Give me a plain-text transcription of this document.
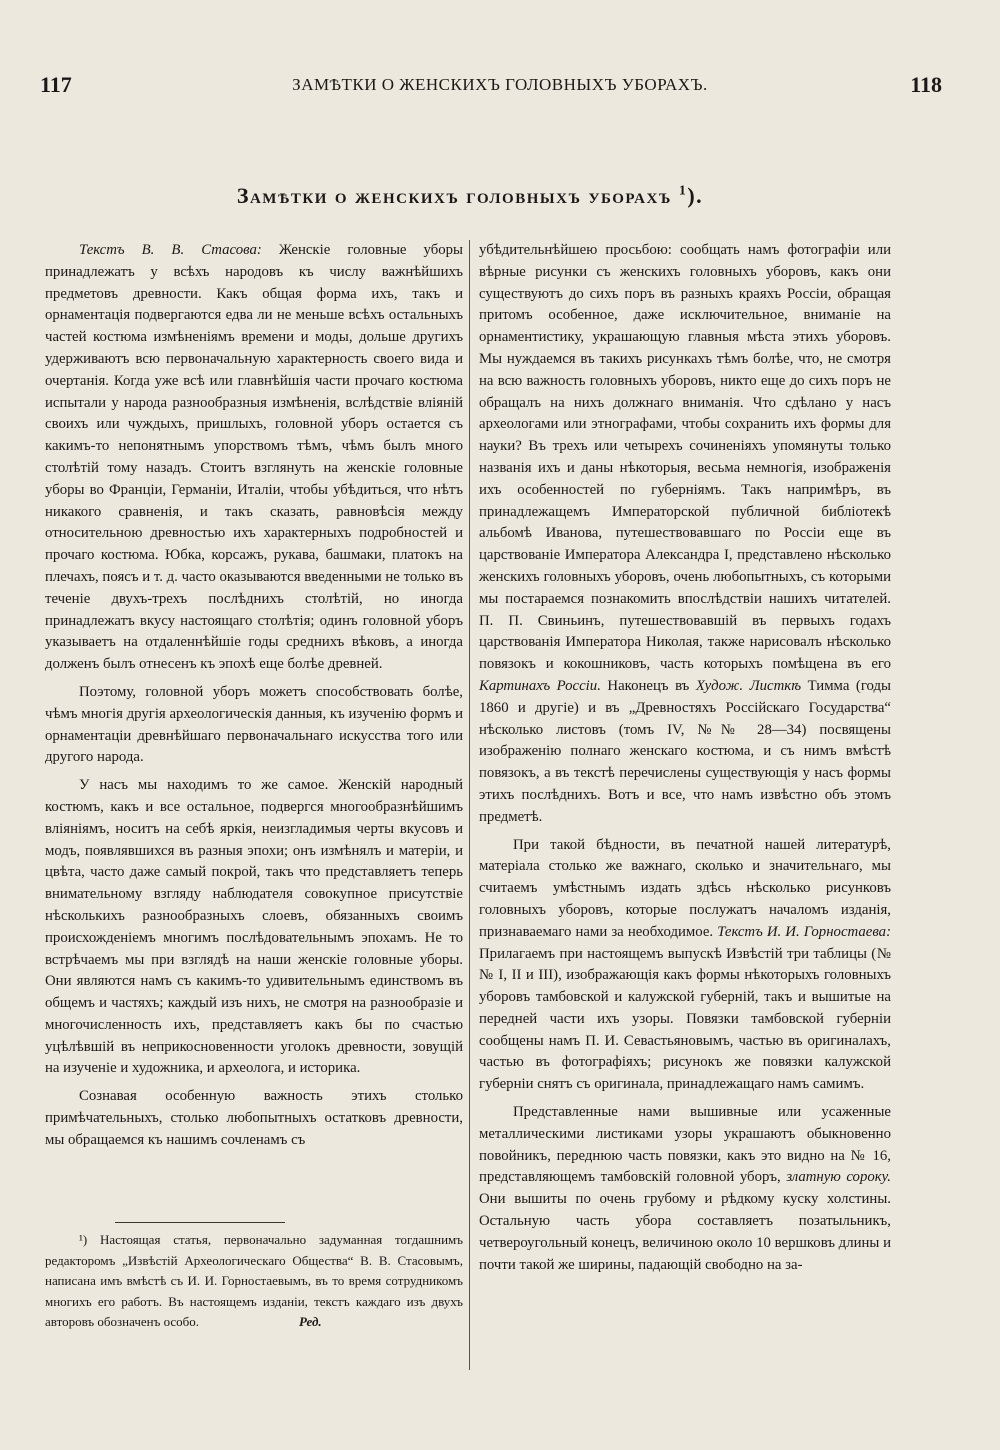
117	ЗАМѢТКИ О ЖЕНСКИХЪ ГОЛОВНЫХЪ УБОРАХЪ.	118
Замѣтки о женскихъ головныхъ уборахъ $^1$).

Текстъ В. В. Стасова: Женскiе головные уборы принадлежатъ у всѣхъ народовъ къ числу важнѣйшихъ предметовъ древности. Какъ общая форма ихъ, такъ и орнаментацiя подвергаются едва ли не меньше всѣхъ остальныхъ частей костюма измѣненiямъ времени и моды, дольше другихъ удерживаютъ всю первоначальную характерность своего вида и очертанiя. Когда уже всѣ или главнѣйшiя части прочаго костюма испытали у народа разнообразныя измѣненiя, вслѣдствiе влiянiй своихъ или чуждыхъ, пришлыхъ, головной уборъ остается съ какимъ-то непонятнымъ упорствомъ тѣмъ, чѣмъ былъ много столѣтiй тому назадъ. Стоитъ взглянуть на женскiе головные уборы во Францiи, Германiи, Италiи, чтобы убѣдиться, что нѣтъ никакого сравненiя, и такъ сказать, равновѣсiя между относительною древностью ихъ характерныхъ подробностей и прочаго костюма. Юбка, корсажъ, рукава, башмаки, платокъ на плечахъ, поясъ и т. д. часто оказываются введенными не только въ теченiе двухъ-трехъ послѣднихъ столѣтiй, но иногда принадлежатъ вкусу настоящаго столѣтiя; одинъ головной уборъ указываетъ на отдаленнѣйшiе годы среднихъ вѣковъ, а иногда долженъ былъ отнесенъ къ эпохѣ еще болѣе древней.

Поэтому, головной уборъ можетъ способствовать болѣе, чѣмъ многiя другiя археологическiя данныя, къ изученiю формъ и орнаментацiи древнѣйшаго первоначальнаго искусства того или другого народа.

У насъ мы находимъ то же самое. Женскiй народный костюмъ, какъ и все остальное, подвергся многообразнѣйшимъ влiянiямъ, носитъ на себѣ яркiя, неизгладимыя черты вкусовъ и модъ, появлявшихся въ разныя эпохи; онъ измѣнялъ и матерiи, и цвѣта, часто даже самый покрой, такъ что представляетъ теперь внимательному взгляду наблюдателя совокупное присутствiе нѣсколькихъ разнообразныхъ слоевъ, обязанныхъ своимъ происхожденiемъ многимъ послѣдовательнымъ эпохамъ. Не то встрѣчаемъ мы при взглядѣ на наши женскiе головные уборы. Они являются намъ съ какимъ-то удивительнымъ единствомъ въ общемъ и частяхъ; каждый изъ нихъ, не смотря на разнообразiе и многочисленность ихъ, представляетъ какъ бы по счастью уцѣлѣвшiй въ неприкосновенности уголокъ древности, зовущiй на изученiе и художника, и археолога, и историка.

Сознавая особенную важность этихъ столько примѣчательныхъ, столько любопытныхъ остатковъ древности, мы обращаемся къ нашимъ сочленамъ съ

¹) Настоящая статья, первоначально задуманная тогдашнимъ редакторомъ „Извѣстiй Археологическаго Общества“ В. В. Стасовымъ, написана имъ вмѣстѣ съ И. И. Горностаевымъ, въ то время сотрудникомъ многихъ его работъ. Въ настоящемъ изданiи, текстъ каждаго изъ двухъ авторовъ обозначенъ особо.	Ред.

убѣдительнѣйшею просьбою: сообщать намъ фотографiи или вѣрные рисунки съ женскихъ головныхъ уборовъ, какъ они существуютъ до сихъ поръ въ разныхъ краяхъ Россiи, обращая притомъ особенное, даже исключительное, вниманiе на орнаментистику, украшающую главныя мѣста этихъ уборовъ. Мы нуждаемся въ такихъ рисункахъ тѣмъ болѣе, что, не смотря на всю важность головныхъ уборовъ, никто еще до сихъ поръ не обращалъ на нихъ должнаго вниманiя. Что сдѣлано у насъ археологами или этнографами, чтобы сохранить ихъ формы для науки? Въ трехъ или четырехъ сочиненiяхъ упомянуты только названiя ихъ и даны нѣкоторыя, весьма немногiя, изображенiя ихъ особенностей по губернiямъ. Такъ напримѣръ, въ принадлежащемъ Императорской публичной библiотекѣ альбомѣ Иванова, путешествовавшаго по Россiи еще въ царствованiе Императора Александра I, представлено нѣсколько женскихъ головныхъ уборовъ, очень любопытныхъ, съ которыми мы постараемся познакомить впослѣдствiи нашихъ читателей. П. П. Свиньинъ, путешествовавшiй въ первыхъ годахъ царствованiя Императора Николая, также нарисовалъ нѣсколько повязокъ и кокошниковъ, часть которыхъ помѣщена въ его Картинахъ Россiи. Наконецъ въ Худож. Листкѣ Тимма (годы 1860 и другiе) и въ „Древностяхъ Россiйскаго Государства“ нѣсколько листовъ (томъ IV, №№ 28—34) посвящены изображенiю полнаго женскаго костюма, и съ нимъ вмѣстѣ повязокъ, а въ текстѣ перечислены существующiя у насъ формы этихъ послѣднихъ. Вотъ и все, что намъ извѣстно объ этомъ предметѣ.

При такой бѣдности, въ печатной нашей литературѣ, матерiала столько же важнаго, сколько и значительнаго, мы считаемъ умѣстнымъ издать здѣсь нѣсколько рисунковъ головныхъ уборовъ, которые послужатъ началомъ изданiя, признаваемаго нами за необходимое. Текстъ И. И. Горностаева: Прилагаемъ при настоящемъ выпускѣ Извѣстiй три таблицы (№№ I, II и III), изображающiя какъ формы нѣкоторыхъ головныхъ уборовъ тамбовской и калужской губернiй, такъ и вышитые на передней части ихъ узоры. Повязки тамбовской губернiи сообщены намъ П. И. Севастьяновымъ, частью въ оригиналахъ, частью въ фотографiяхъ; рисунокъ же повязки калужской губернiи снятъ съ оригинала, принадлежащаго намъ самимъ.

Представленные нами вышивные или усаженные металлическими листиками узоры украшаютъ обыкновенно повойникъ, переднюю часть повязки, какъ это видно на № 16, представляющемъ тамбовскiй головной уборъ, златную сороку. Они вышиты по очень грубому и рѣдкому куску холстины. Остальную часть убора составляетъ позатыльникъ, четвероугольный конецъ, величиною около 10 вершковъ длины и почти такой же ширины, падающiй свободно на за-
